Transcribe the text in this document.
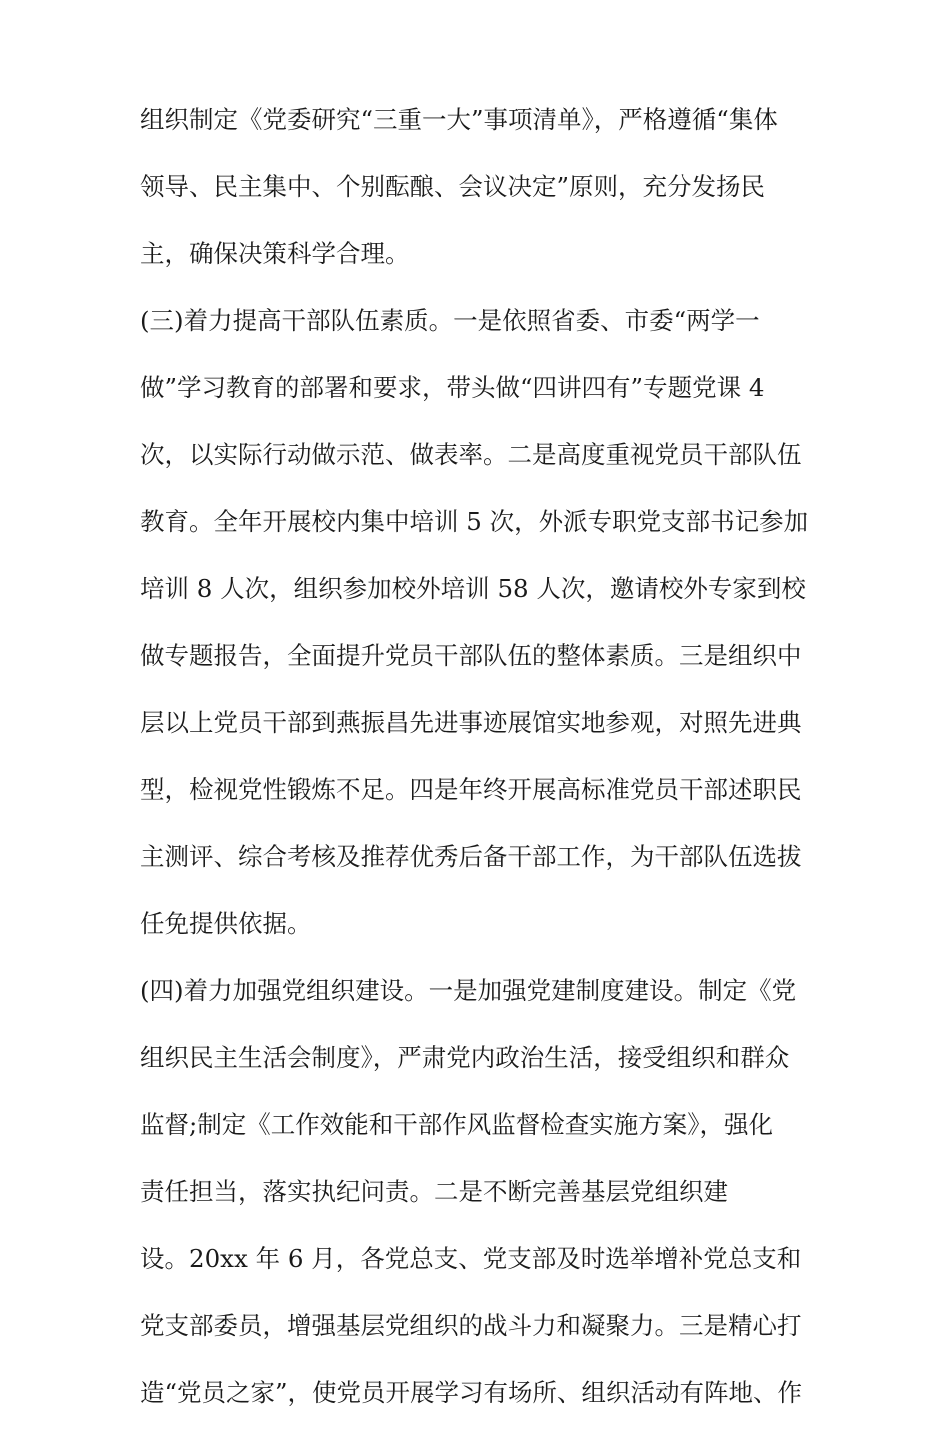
组织制定《党委研究“三重一大”事项清单》，严格遵循“集体
领导、民主集中、个别酝酿、会议决定”原则，充分发扬民
主，确保决策科学合理。
(三)着力提高干部队伍素质。一是依照省委、市委“两学一
做”学习教育的部署和要求，带头做“四讲四有”专题党课 4
次，以实际行动做示范、做表率。二是高度重视党员干部队伍
教育。全年开展校内集中培训 5 次，外派专职党支部书记参加
培训 8 人次，组织参加校外培训 58 人次，邀请校外专家到校
做专题报告，全面提升党员干部队伍的整体素质。三是组织中
层以上党员干部到燕振昌先进事迹展馆实地参观，对照先进典
型，检视党性锻炼不足。四是年终开展高标准党员干部述职民
主测评、综合考核及推荐优秀后备干部工作，为干部队伍选拔
任免提供依据。
(四)着力加强党组织建设。一是加强党建制度建设。制定《党
组织民主生活会制度》，严肃党内政治生活，接受组织和群众
监督;制定《工作效能和干部作风监督检查实施方案》，强化
责任担当，落实执纪问责。二是不断完善基层党组织建
设。20xx 年 6 月，各党总支、党支部及时选举增补党总支和
党支部委员，增强基层党组织的战斗力和凝聚力。三是精心打
造“党员之家”，使党员开展学习有场所、组织活动有阵地、作
